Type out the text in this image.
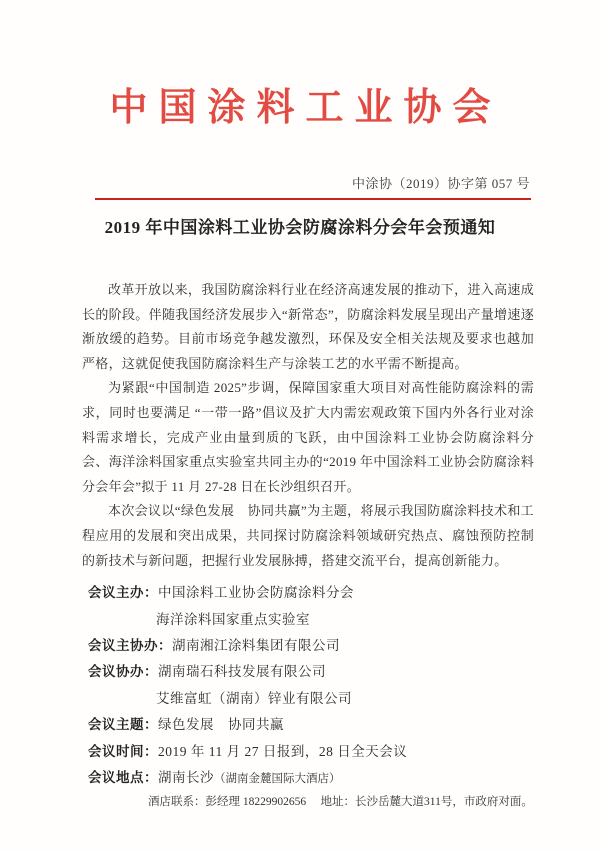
中国涂料工业协会
中涂协（2019）协字第 057 号
2019 年中国涂料工业协会防腐涂料分会年会预通知

改革开放以来，我国防腐涂料行业在经济高速发展的推动下，进入高速成长的阶段。伴随我国经济发展步入“新常态”，防腐涂料发展呈现出产量增速逐渐放缓的趋势。目前市场竞争越发激烈，环保及安全相关法规及要求也越加严格，这就促使我国防腐涂料生产与涂装工艺的水平需不断提高。

为紧跟“中国制造 2025”步调，保障国家重大项目对高性能防腐涂料的需求，同时也要满足 “一带一路”倡议及扩大内需宏观政策下国内外各行业对涂料需求增长，完成产业由量到质的飞跃，由中国涂料工业协会防腐涂料分会、海洋涂料国家重点实验室共同主办的“2019 年中国涂料工业协会防腐涂料分会年会”拟于 11 月 27-28 日在长沙组织召开。

本次会议以“绿色发展　协同共赢”为主题，将展示我国防腐涂料技术和工程应用的发展和突出成果，共同探讨防腐涂料领域研究热点、腐蚀预防控制的新技术与新问题，把握行业发展脉搏，搭建交流平台，提高创新能力。

会议主办：中国涂料工业协会防腐涂料分会
海洋涂料国家重点实验室
会议主协办：湖南湘江涂料集团有限公司
会议协办：湖南瑞石科技发展有限公司
艾维富虹（湖南）锌业有限公司
会议主题：绿色发展　协同共赢
会议时间：2019 年 11 月 27 日报到，28 日全天会议
会议地点：湖南长沙（湖南金麓国际大酒店）
酒店联系：彭经理 18229902656　 地址：长沙岳麓大道311号，市政府对面。
